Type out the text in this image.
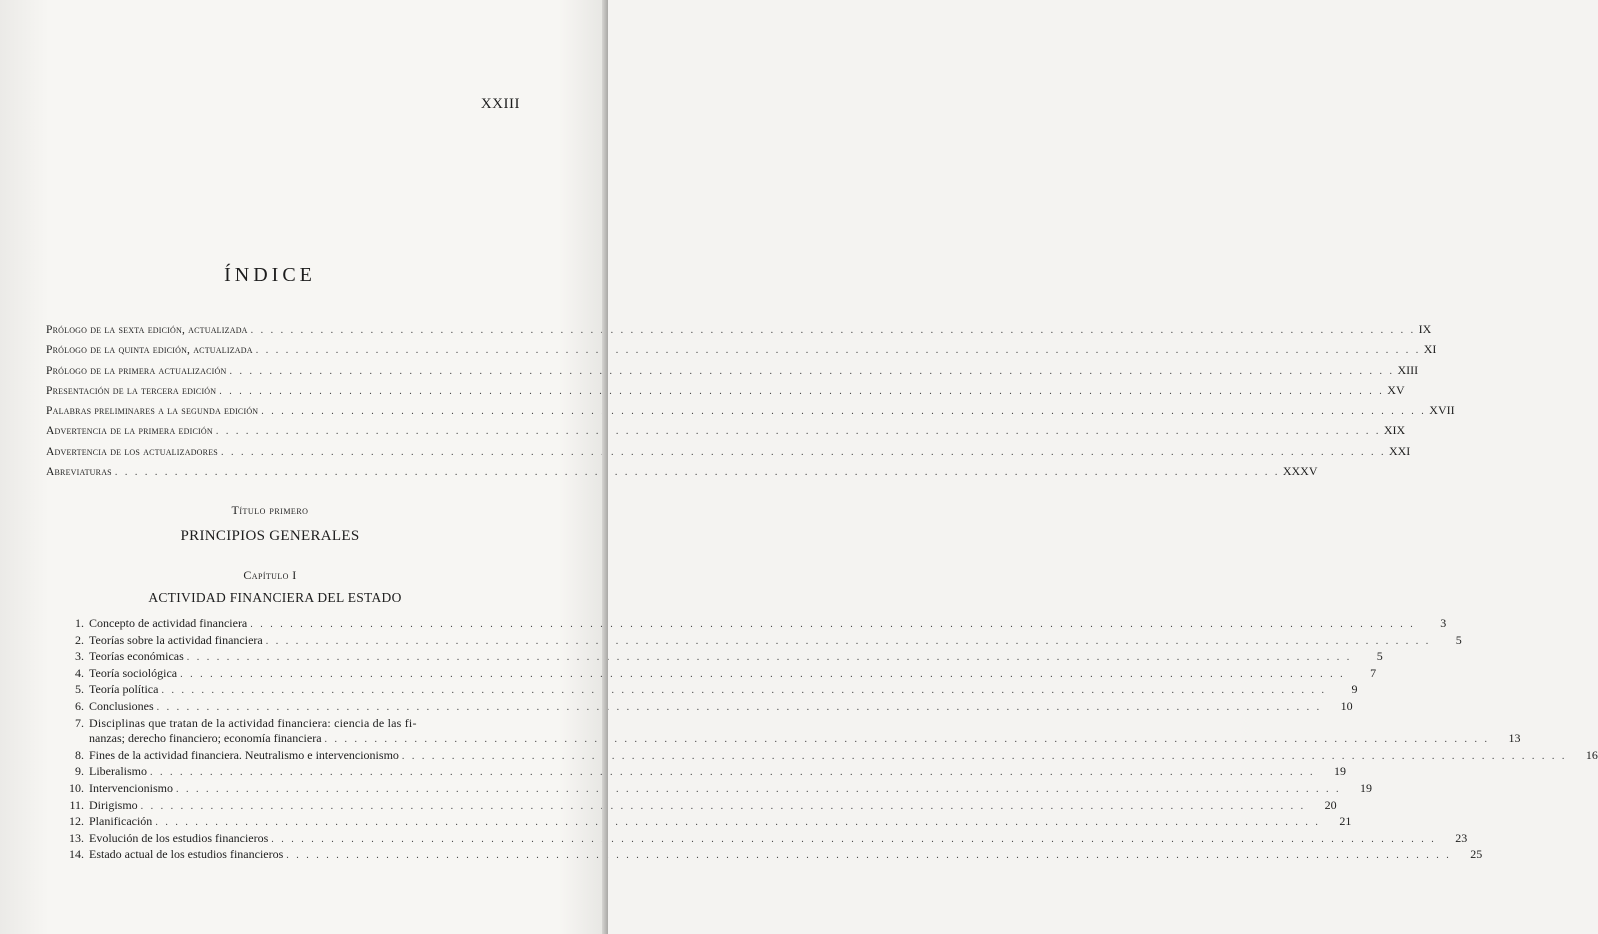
XXIII
ÍNDICE
Prólogo de la sexta edición, actualizada . . .	IX
Prólogo de la quinta edición, actualizada . . .	XI
Prólogo de la primera actualización . . .	XIII
Presentación de la tercera edición . . .	XV
Palabras preliminares a la segunda edición . . .	XVII
Advertencia de la primera edición . . .	XIX
Advertencia de los actualizadores . . .	XXI
Abreviaturas . . .	XXXV
Título primero
PRINCIPIOS GENERALES
Capítulo I
ACTIVIDAD FINANCIERA DEL ESTADO
1. Concepto de actividad financiera . . .	3
2. Teorías sobre la actividad financiera . . .	5
3. Teorías económicas . . .	5
4. Teoría sociológica . . .	7
5. Teoría política . . .	9
6. Conclusiones . . .	10
7. Disciplinas que tratan de la actividad financiera: ciencia de las fi-
nanzas; derecho financiero; economía financiera . . .	13
8. Fines de la actividad financiera. Neutralismo e intervencionismo . . .	16
9. Liberalismo . . .	19
10. Intervencionismo . . .	19
11. Dirigismo . . .	20
12. Planificación . . .	21
13. Evolución de los estudios financieros . . .	23
14. Estado actual de los estudios financieros . . .	25
